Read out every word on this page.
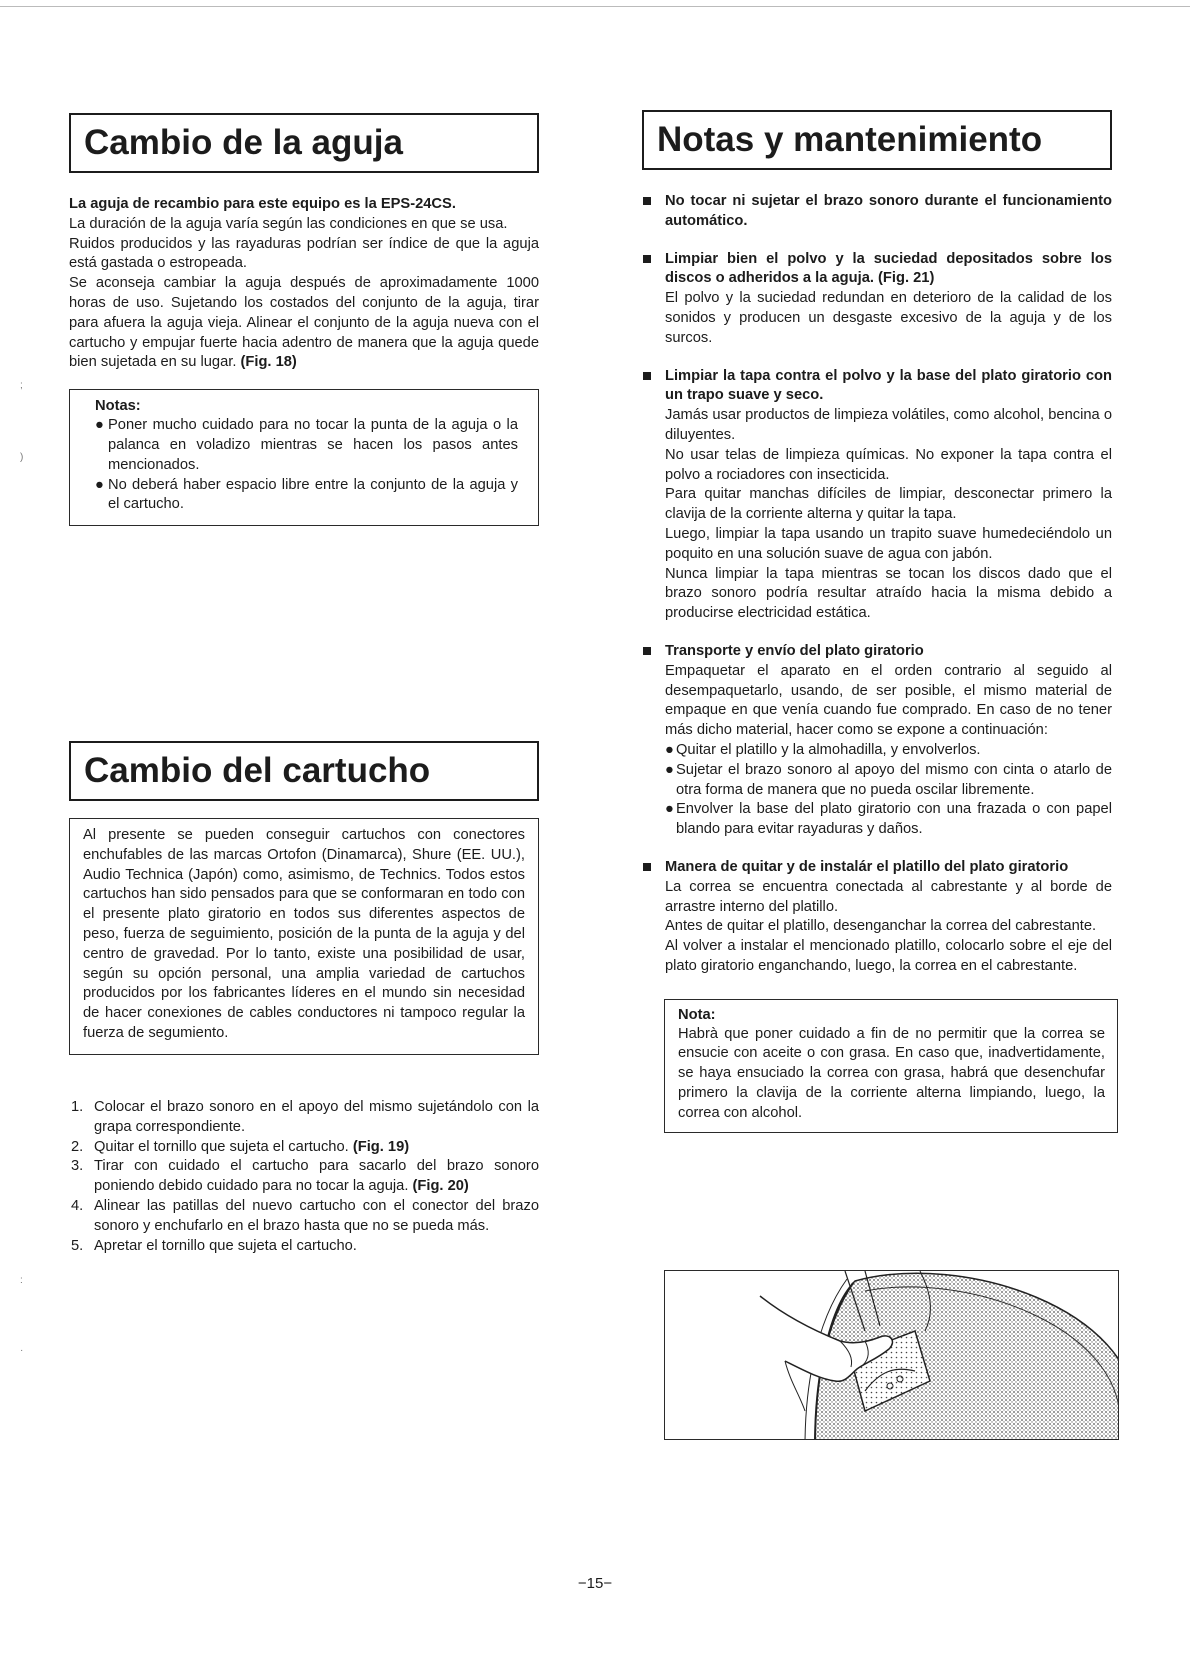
;
)
:
·
Cambio de la aguja

La aguja de recambio para este equipo es la EPS-24CS.

La duración de la aguja varía según las condiciones en que se usa.

Ruidos producidos y las rayaduras podrían ser índice de que la aguja está gastada o estropeada.

Se aconseja cambiar la aguja después de aproximadamente 1000 horas de uso. Sujetando los costados del conjunto de la aguja, tirar para afuera la aguja vieja. Alinear el conjunto de la aguja nueva con el cartucho y empujar fuerte hacia adentro de manera que la aguja quede bien sujetada en su lugar. (Fig. 18)

Notas:
● Poner mucho cuidado para no tocar la punta de la aguja o la palanca en voladizo mientras se hacen los pasos antes mencionados.
● No deberá haber espacio libre entre la conjunto de la aguja y el cartucho.
Cambio del cartucho

Al presente se pueden conseguir cartuchos con conectores enchufables de las marcas Ortofon (Dinamarca), Shure (EE. UU.), Audio Technica (Japón) como, asimismo, de Technics. Todos estos cartuchos han sido pensados para que se conformaran en todo con el presente plato giratorio en todos sus diferentes aspectos de peso, fuerza de seguimiento, posición de la punta de la aguja y del centro de gravedad. Por lo tanto, existe una posibilidad de usar, según su opción personal, una amplia variedad de cartuchos producidos por los fabricantes líderes en el mundo sin necesidad de hacer conexiones de cables conductores ni tampoco regular la fuerza de segumiento.

1. Colocar el brazo sonoro en el apoyo del mismo sujetándolo con la grapa correspondiente.
2. Quitar el tornillo que sujeta el cartucho. (Fig. 19)
3. Tirar con cuidado el cartucho para sacarlo del brazo sonoro poniendo debido cuidado para no tocar la aguja. (Fig. 20)
4. Alinear las patillas del nuevo cartucho con el conector del brazo sonoro y enchufarlo en el brazo hasta que no se pueda más.
5. Apretar el tornillo que sujeta el cartucho.
Notas y mantenimiento
No tocar ni sujetar el brazo sonoro durante el funcionamiento automático.
Limpiar bien el polvo y la suciedad depositados sobre los discos o adheridos a la aguja. (Fig. 21)
El polvo y la suciedad redundan en deterioro de la calidad de los sonidos y producen un desgaste excesivo de la aguja y de los surcos.
Limpiar la tapa contra el polvo y la base del plato giratorio con un trapo suave y seco.
Jamás usar productos de limpieza volátiles, como alcohol, bencina o diluyentes.
No usar telas de limpieza químicas. No exponer la tapa contra el polvo a rociadores con insecticida.
Para quitar manchas difíciles de limpiar, desconectar primero la clavija de la corriente alterna y quitar la tapa.
Luego, limpiar la tapa usando un trapito suave humedeciéndolo un poquito en una solución suave de agua con jabón.
Nunca limpiar la tapa mientras se tocan los discos dado que el brazo sonoro podría resultar atraído hacia la misma debido a producirse electricidad estática.
Transporte y envío del plato giratorio
Empaquetar el aparato en el orden contrario al seguido al desempaquetarlo, usando, de ser posible, el mismo material de empaque en que venía cuando fue comprado. En caso de no tener más dicho material, hacer como se expone a continuación:
● Quitar el platillo y la almohadilla, y envolverlos.
● Sujetar el brazo sonoro al apoyo del mismo con cinta o atarlo de otra forma de manera que no pueda oscilar libremente.
● Envolver la base del plato giratorio con una frazada o con papel blando para evitar rayaduras y daños.
Manera de quitar y de instalár el platillo del plato giratorio
La correa se encuentra conectada al cabrestante y al borde de arrastre interno del platillo.
Antes de quitar el platillo, desenganchar la correa del cabrestante.
Al volver a instalar el mencionado platillo, colocarlo sobre el eje del plato giratorio enganchando, luego, la correa en el cabrestante.
Nota:
Habrà que poner cuidado a fin de no permitir que la correa se ensucie con aceite o con grasa. En caso que, inadvertidamente, se haya ensuciado la correa con grasa, habrá que desenchufar primero la clavija de la corriente alterna limpiando, luego, la correa con alcohol.
−15−
